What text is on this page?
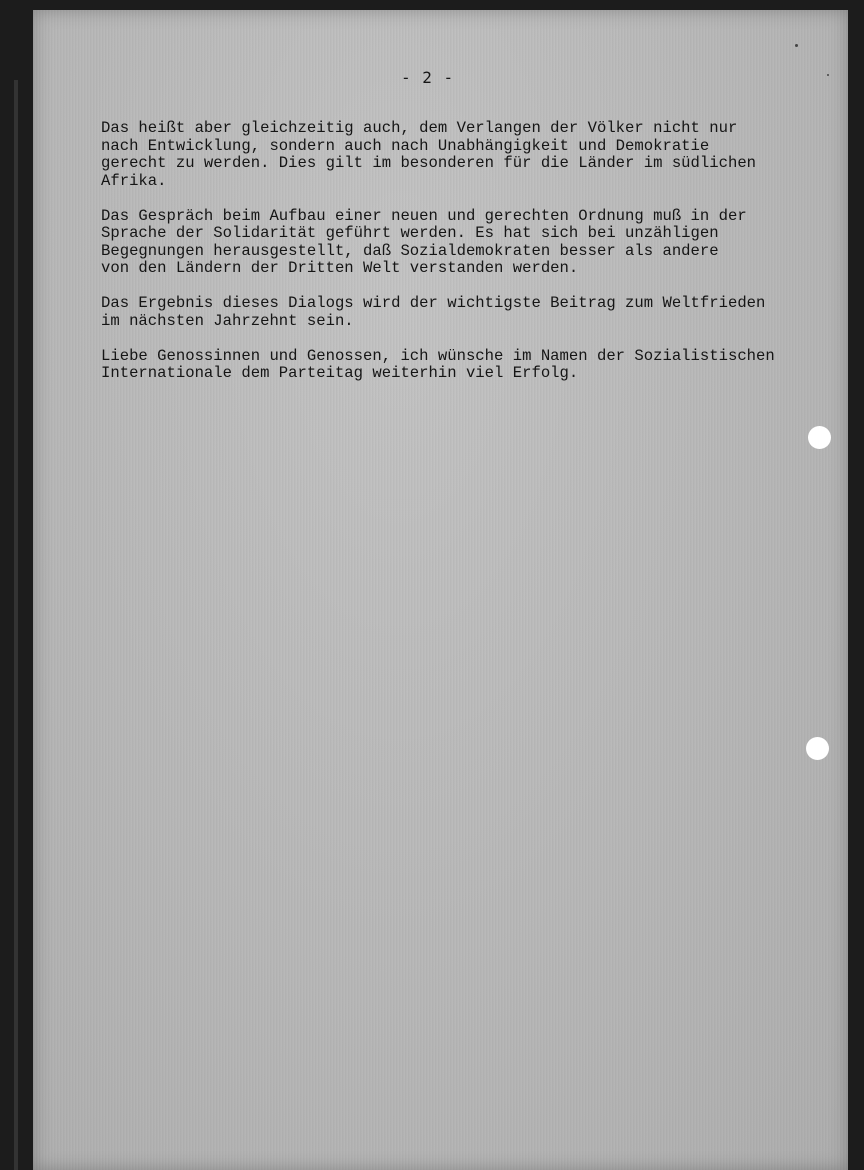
- 2 -

Das heißt aber gleichzeitig auch, dem Verlangen der Völker nicht nur
nach Entwicklung, sondern auch nach Unabhängigkeit und Demokratie
gerecht zu werden. Dies gilt im besonderen für die Länder im südlichen
Afrika.

Das Gespräch beim Aufbau einer neuen und gerechten Ordnung muß in der
Sprache der Solidarität geführt werden. Es hat sich bei unzähligen
Begegnungen herausgestellt, daß Sozialdemokraten besser als andere
von den Ländern der Dritten Welt verstanden werden.

Das Ergebnis dieses Dialogs wird der wichtigste Beitrag zum Weltfrieden
im nächsten Jahrzehnt sein.

Liebe Genossinnen und Genossen, ich wünsche im Namen der Sozialistischen
Internationale dem Parteitag weiterhin viel Erfolg.
